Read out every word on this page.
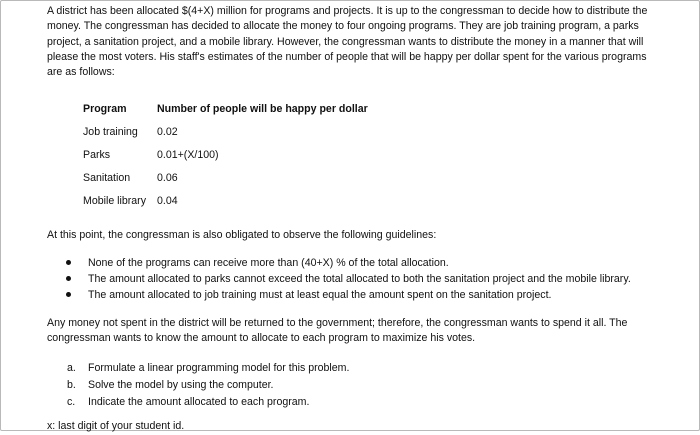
A district has been allocated $(4+X) million for programs and projects. It is up to the congressman to decide how to distribute the money. The congressman has decided to allocate the money to four ongoing programs. They are job training program, a parks project, a sanitation project, and a mobile library. However, the congressman wants to distribute the money in a manner that will please the most voters. His staff's estimates of the number of people that will be happy per dollar spent for the various programs are as follows:

Program	Number of people will be happy per dollar
Job training	0.02
Parks	0.01+(X/100)
Sanitation	0.06
Mobile library	0.04

At this point, the congressman is also obligated to observe the following guidelines:

None of the programs can receive more than (40+X) % of the total allocation.
The amount allocated to parks cannot exceed the total allocated to both the sanitation project and the mobile library.
The amount allocated to job training must at least equal the amount spent on the sanitation project.

Any money not spent in the district will be returned to the government; therefore, the congressman wants to spend it all. The congressman wants to know the amount to allocate to each program to maximize his votes.

a. Formulate a linear programming model for this problem.
b. Solve the model by using the computer.
c. Indicate the amount allocated to each program.
x: last digit of your student id.
